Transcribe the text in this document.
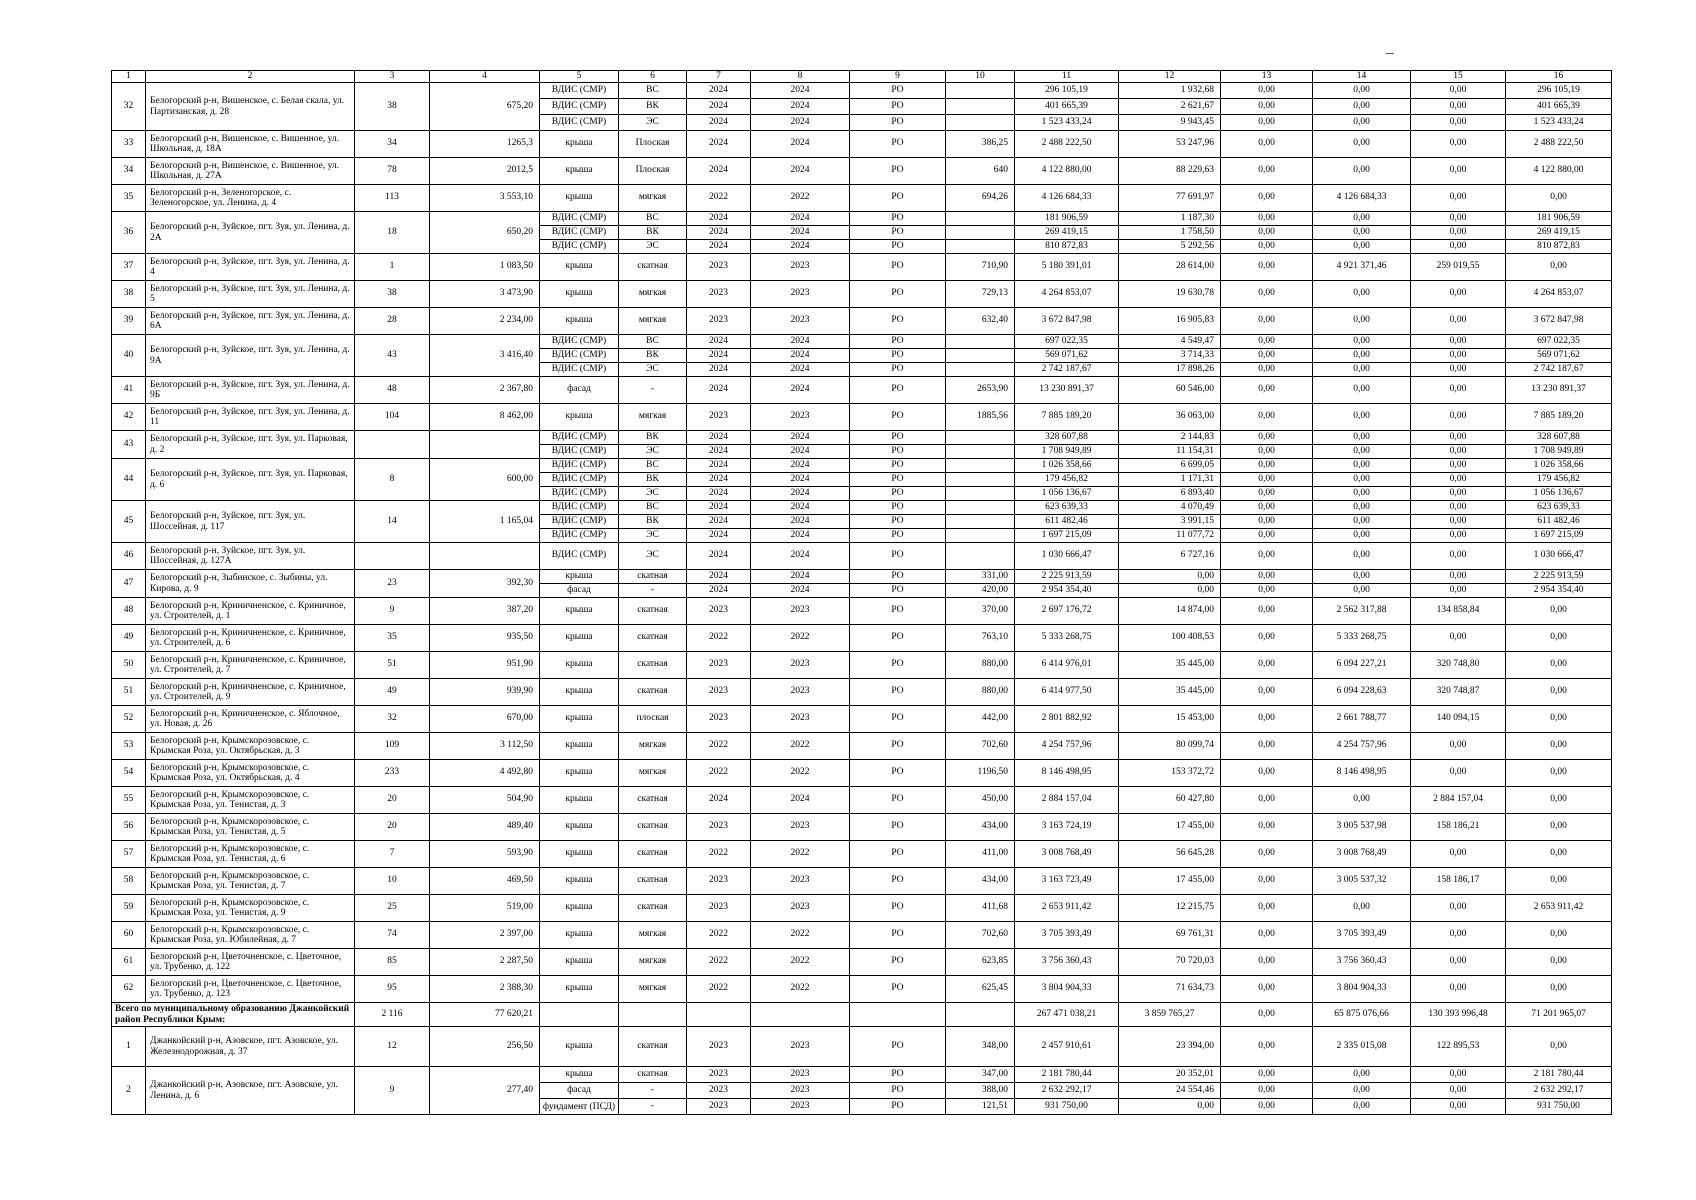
1	2	3	4	5	6	7	8	9	10	11	12	13	14	15	16
32	Белогорский р-н, Вишенское, с. Белая скала, ул. Партизанская, д. 28	38	675,20	ВДИС (СМР)	ВС	2024	2024	РО		296 105,19	1 932,68	0,00	0,00	0,00	296 105,19
				ВДИС (СМР)	ВК	2024	2024	РО		401 665,39	2 621,67	0,00	0,00	0,00	401 665,39
				ВДИС (СМР)	ЭС	2024	2024	РО		1 523 433,24	9 943,45	0,00	0,00	0,00	1 523 433,24
33	Белогорский р-н, Вишенское, с. Вишенное, ул. Школьная, д. 18А	34	1265,3	крыша	Плоская	2024	2024	РО	386,25	2 488 222,50	53 247,96	0,00	0,00	0,00	2 488 222,50
34	Белогорский р-н, Вишенское, с. Вишенное, ул. Школьная, д. 27А	78	2012,5	крыша	Плоская	2024	2024	РО	640	4 122 880,00	88 229,63	0,00	0,00	0,00	4 122 880,00
35	Белогорский р-н, Зеленогорское, с. Зеленогорское, ул. Ленина, д. 4	113	3 553,10	крыша	мягкая	2022	2022	РО	694,26	4 126 684,33	77 691,97	0,00	4 126 684,33	0,00	0,00
36	Белогорский р-н, Зуйское, пгт. Зуя, ул. Ленина, д. 2А	18	650,20	ВДИС (СМР)	ВС	2024	2024	РО		181 906,59	1 187,30	0,00	0,00	0,00	181 906,59
				ВДИС (СМР)	ВК	2024	2024	РО		269 419,15	1 758,50	0,00	0,00	0,00	269 419,15
				ВДИС (СМР)	ЭС	2024	2024	РО		810 872,83	5 292,56	0,00	0,00	0,00	810 872,83
37	Белогорский р-н, Зуйское, пгт. Зуя, ул. Ленина, д. 4	1	1 083,50	крыша	скатная	2023	2023	РО	710,90	5 180 391,01	28 614,00	0,00	4 921 371,46	259 019,55	0,00
38	Белогорский р-н, Зуйское, пгт. Зуя, ул. Ленина, д. 5	38	3 473,90	крыша	мягкая	2023	2023	РО	729,13	4 264 853,07	19 630,78	0,00	0,00	0,00	4 264 853,07
39	Белогорский р-н, Зуйское, пгт. Зуя, ул. Ленина, д. 6А	28	2 234,00	крыша	мягкая	2023	2023	РО	632,40	3 672 847,98	16 905,83	0,00	0,00	0,00	3 672 847,98
40	Белогорский р-н, Зуйское, пгт. Зуя, ул. Ленина, д. 9А	43	3 416,40	ВДИС (СМР)	ВС	2024	2024	РО		697 022,35	4 549,47	0,00	0,00	0,00	697 022,35
				ВДИС (СМР)	ВК	2024	2024	РО		569 071,62	3 714,33	0,00	0,00	0,00	569 071,62
				ВДИС (СМР)	ЭС	2024	2024	РО		2 742 187,67	17 898,26	0,00	0,00	0,00	2 742 187,67
41	Белогорский р-н, Зуйское, пгт. Зуя, ул. Ленина, д. 9Б	48	2 367,80	фасад	-	2024	2024	РО	2653,90	13 230 891,37	60 546,00	0,00	0,00	0,00	13 230 891,37
42	Белогорский р-н, Зуйское, пгт. Зуя, ул. Ленина, д. 11	104	8 462,00	крыша	мягкая	2023	2023	РО	1885,56	7 885 189,20	36 063,00	0,00	0,00	0,00	7 885 189,20
43	Белогорский р-н, Зуйское, пгт. Зуя, ул. Парковая, д. 2			ВДИС (СМР)	ВК	2024	2024	РО		328 607,88	2 144,83	0,00	0,00	0,00	328 607,88
				ВДИС (СМР)	ЭС	2024	2024	РО		1 708 949,89	11 154,31	0,00	0,00	0,00	1 708 949,89
44	Белогорский р-н, Зуйское, пгт. Зуя, ул. Парковая, д. 6	8	600,00	ВДИС (СМР)	ВС	2024	2024	РО		1 026 358,66	6 699,05	0,00	0,00	0,00	1 026 358,66
				ВДИС (СМР)	ВК	2024	2024	РО		179 456,82	1 171,31	0,00	0,00	0,00	179 456,82
				ВДИС (СМР)	ЭС	2024	2024	РО		1 056 136,67	6 893,40	0,00	0,00	0,00	1 056 136,67
45	Белогорский р-н, Зуйское, пгт. Зуя, ул. Шоссейная, д. 117	14	1 165,04	ВДИС (СМР)	ВС	2024	2024	РО		623 639,33	4 070,49	0,00	0,00	0,00	623 639,33
				ВДИС (СМР)	ВК	2024	2024	РО		611 482,46	3 991,15	0,00	0,00	0,00	611 482,46
				ВДИС (СМР)	ЭС	2024	2024	РО		1 697 215,09	11 077,72	0,00	0,00	0,00	1 697 215,09
46	Белогорский р-н, Зуйское, пгт. Зуя, ул. Шоссейная, д. 127А			ВДИС (СМР)	ЭС	2024	2024	РО		1 030 666,47	6 727,16	0,00	0,00	0,00	1 030 666,47
47	Белогорский р-н, Зыбинское, с. Зыбины, ул. Кирова, д. 9	23	392,30	крыша	скатная	2024	2024	РО	331,00	2 225 913,59	0,00	0,00	0,00	0,00	2 225 913,59
				фасад	-	2024	2024	РО	420,00	2 954 354,40	0,00	0,00	0,00	0,00	2 954 354,40
48	Белогорский р-н, Криничненское, с. Криничное, ул. Строителей, д. 1	9	387,20	крыша	скатная	2023	2023	РО	370,00	2 697 176,72	14 874,00	0,00	2 562 317,88	134 858,84	0,00
49	Белогорский р-н, Криничненское, с. Криничное, ул. Строителей, д. 6	35	935,50	крыша	скатная	2022	2022	РО	763,10	5 333 268,75	100 408,53	0,00	5 333 268,75	0,00	0,00
50	Белогорский р-н, Криничненское, с. Криничное, ул. Строителей, д. 7	51	951,90	крыша	скатная	2023	2023	РО	880,00	6 414 976,01	35 445,00	0,00	6 094 227,21	320 748,80	0,00
51	Белогорский р-н, Криничненское, с. Криничное, ул. Строителей, д. 9	49	939,90	крыша	скатная	2023	2023	РО	880,00	6 414 977,50	35 445,00	0,00	6 094 228,63	320 748,87	0,00
52	Белогорский р-н, Криничненское, с. Яблочное, ул. Новая, д. 26	32	670,00	крыша	плоская	2023	2023	РО	442,00	2 801 882,92	15 453,00	0,00	2 661 788,77	140 094,15	0,00
53	Белогорский р-н, Крымскорозовское, с. Крымская Роза, ул. Октябрьская, д. 3	109	3 112,50	крыша	мягкая	2022	2022	РО	702,60	4 254 757,96	80 099,74	0,00	4 254 757,96	0,00	0,00
54	Белогорский р-н, Крымскорозовское, с. Крымская Роза, ул. Октябрьская, д. 4	233	4 492,80	крыша	мягкая	2022	2022	РО	1196,50	8 146 498,95	153 372,72	0,00	8 146 498,95	0,00	0,00
55	Белогорский р-н, Крымскорозовское, с. Крымская Роза, ул. Тенистая, д. 3	20	504,90	крыша	скатная	2024	2024	РО	450,00	2 884 157,04	60 427,80	0,00	0,00	2 884 157,04	0,00
56	Белогорский р-н, Крымскорозовское, с. Крымская Роза, ул. Тенистая, д. 5	20	489,40	крыша	скатная	2023	2023	РО	434,00	3 163 724,19	17 455,00	0,00	3 005 537,98	158 186,21	0,00
57	Белогорский р-н, Крымскорозовское, с. Крымская Роза, ул. Тенистая, д. 6	7	593,90	крыша	скатная	2022	2022	РО	411,00	3 008 768,49	56 645,28	0,00	3 008 768,49	0,00	0,00
58	Белогорский р-н, Крымскорозовское, с. Крымская Роза, ул. Тенистая, д. 7	10	469,50	крыша	скатная	2023	2023	РО	434,00	3 163 723,49	17 455,00	0,00	3 005 537,32	158 186,17	0,00
59	Белогорский р-н, Крымскорозовское, с. Крымская Роза, ул. Тенистая, д. 9	25	519,00	крыша	скатная	2023	2023	РО	411,68	2 653 911,42	12 215,75	0,00	0,00	0,00	2 653 911,42
60	Белогорский р-н, Крымскорозовское, с. Крымская Роза, ул. Юбилейная, д. 7	74	2 397,00	крыша	мягкая	2022	2022	РО	702,60	3 705 393,49	69 761,31	0,00	3 705 393,49	0,00	0,00
61	Белогорский р-н, Цветочненское, с. Цветочное, ул. Трубенко, д. 122	85	2 287,50	крыша	мягкая	2022	2022	РО	623,85	3 756 360,43	70 720,03	0,00	3 756 360,43	0,00	0,00
62	Белогорский р-н, Цветочненское, с. Цветочное, ул. Трубенко, д. 123	95	2 388,30	крыша	мягкая	2022	2022	РО	625,45	3 804 904,33	71 634,73	0,00	3 804 904,33	0,00	0,00
Всего по муниципальному образованию Джанкойский район Республики Крым:		2 116	77 620,21							267 471 038,21	3 859 765,27	0,00	65 875 076,66	130 393 996,48	71 201 965,07
1	Джанкойский р-н, Азовское, пгт. Азовское, ул. Железнодорожная, д. 37	12	256,50	крыша	скатная	2023	2023	РО	348,00	2 457 910,61	23 394,00	0,00	2 335 015,08	122 895,53	0,00
2	Джанкойский р-н, Азовское, пгт. Азовское, ул. Ленина, д. 6	9	277,40	крыша	скатная	2023	2023	РО	347,00	2 181 780,44	20 352,01	0,00	0,00	0,00	2 181 780,44
				фасад	-	2023	2023	РО	388,00	2 632 292,17	24 554,46	0,00	0,00	0,00	2 632 292,17
				фундамент (ПСД)	-	2023	2023	РО	121,51	931 750,00	0,00	0,00	0,00	0,00	931 750,00
